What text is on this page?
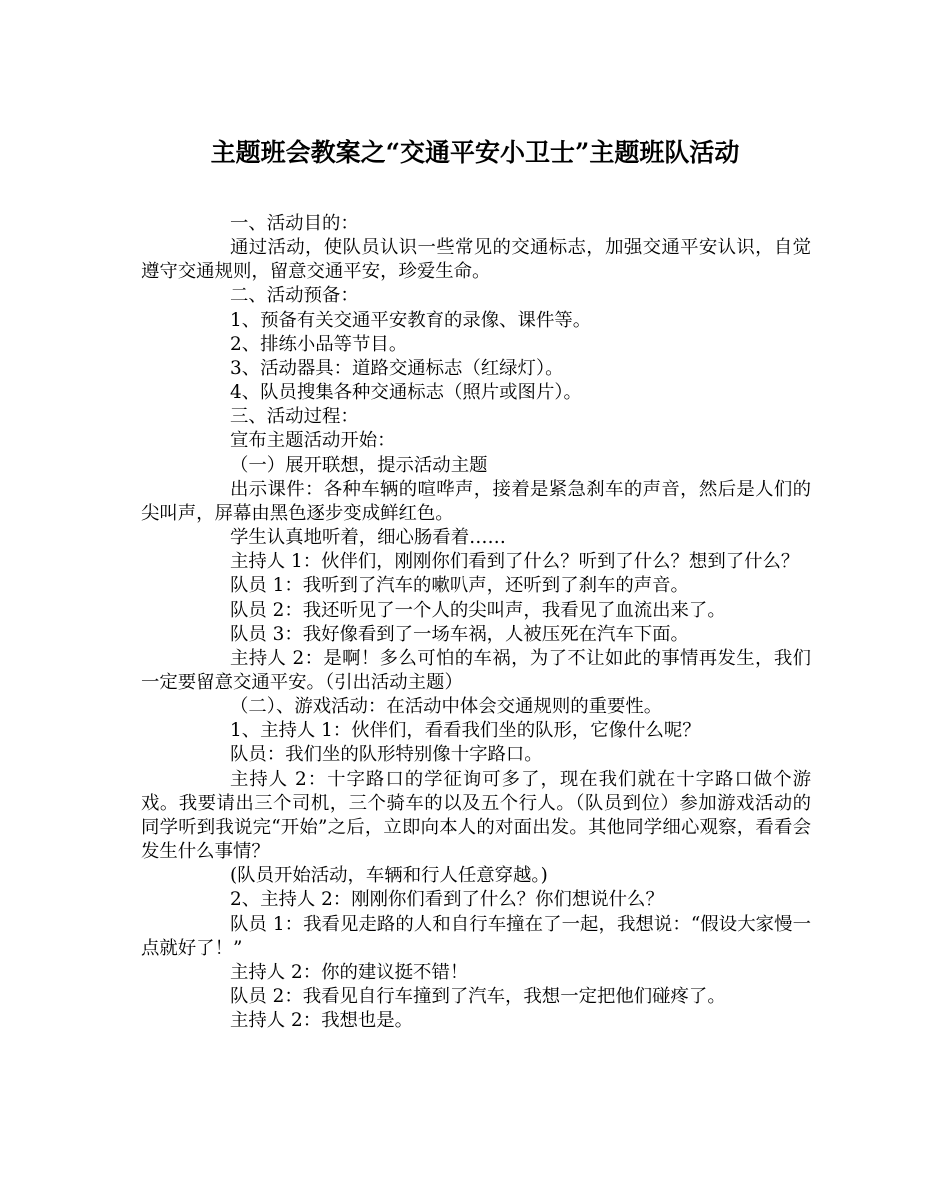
主题班会教案之“交通平安小卫士”主题班队活动

一、活动目的：

通过活动，使队员认识一些常见的交通标志，加强交通平安认识，自觉遵守交通规则，留意交通平安，珍爱生命。

二、活动预备：

1、预备有关交通平安教育的录像、课件等。

2、排练小品等节目。

3、活动器具：道路交通标志（红绿灯）。

4、队员搜集各种交通标志（照片或图片）。

三、活动过程：

宣布主题活动开始：

（一）展开联想，提示活动主题

出示课件：各种车辆的喧哗声，接着是紧急刹车的声音，然后是人们的尖叫声，屏幕由黑色逐步变成鲜红色。

学生认真地听着，细心肠看着……

主持人 1：伙伴们，刚刚你们看到了什么？听到了什么？想到了什么？

队员 1：我听到了汽车的嗽叭声，还听到了刹车的声音。

队员 2：我还听见了一个人的尖叫声，我看见了血流出来了。

队员 3：我好像看到了一场车祸，人被压死在汽车下面。

主持人 2：是啊！多么可怕的车祸，为了不让如此的事情再发生，我们一定要留意交通平安。（引出活动主题）

（二）、游戏活动：在活动中体会交通规则的重要性。

1、主持人 1：伙伴们，看看我们坐的队形，它像什么呢？

队员：我们坐的队形特别像十字路口。

主持人 2：十字路口的学征询可多了，现在我们就在十字路口做个游戏。我要请出三个司机，三个骑车的以及五个行人。（队员到位）参加游戏活动的同学听到我说完“开始”之后，立即向本人的对面出发。其他同学细心观察，看看会发生什么事情？

(队员开始活动，车辆和行人任意穿越。)

2、主持人 2：刚刚你们看到了什么？你们想说什么？

队员 1：我看见走路的人和自行车撞在了一起，我想说：“假设大家慢一点就好了！”

主持人 2：你的建议挺不错！

队员 2：我看见自行车撞到了汽车，我想一定把他们碰疼了。

主持人 2：我想也是。
